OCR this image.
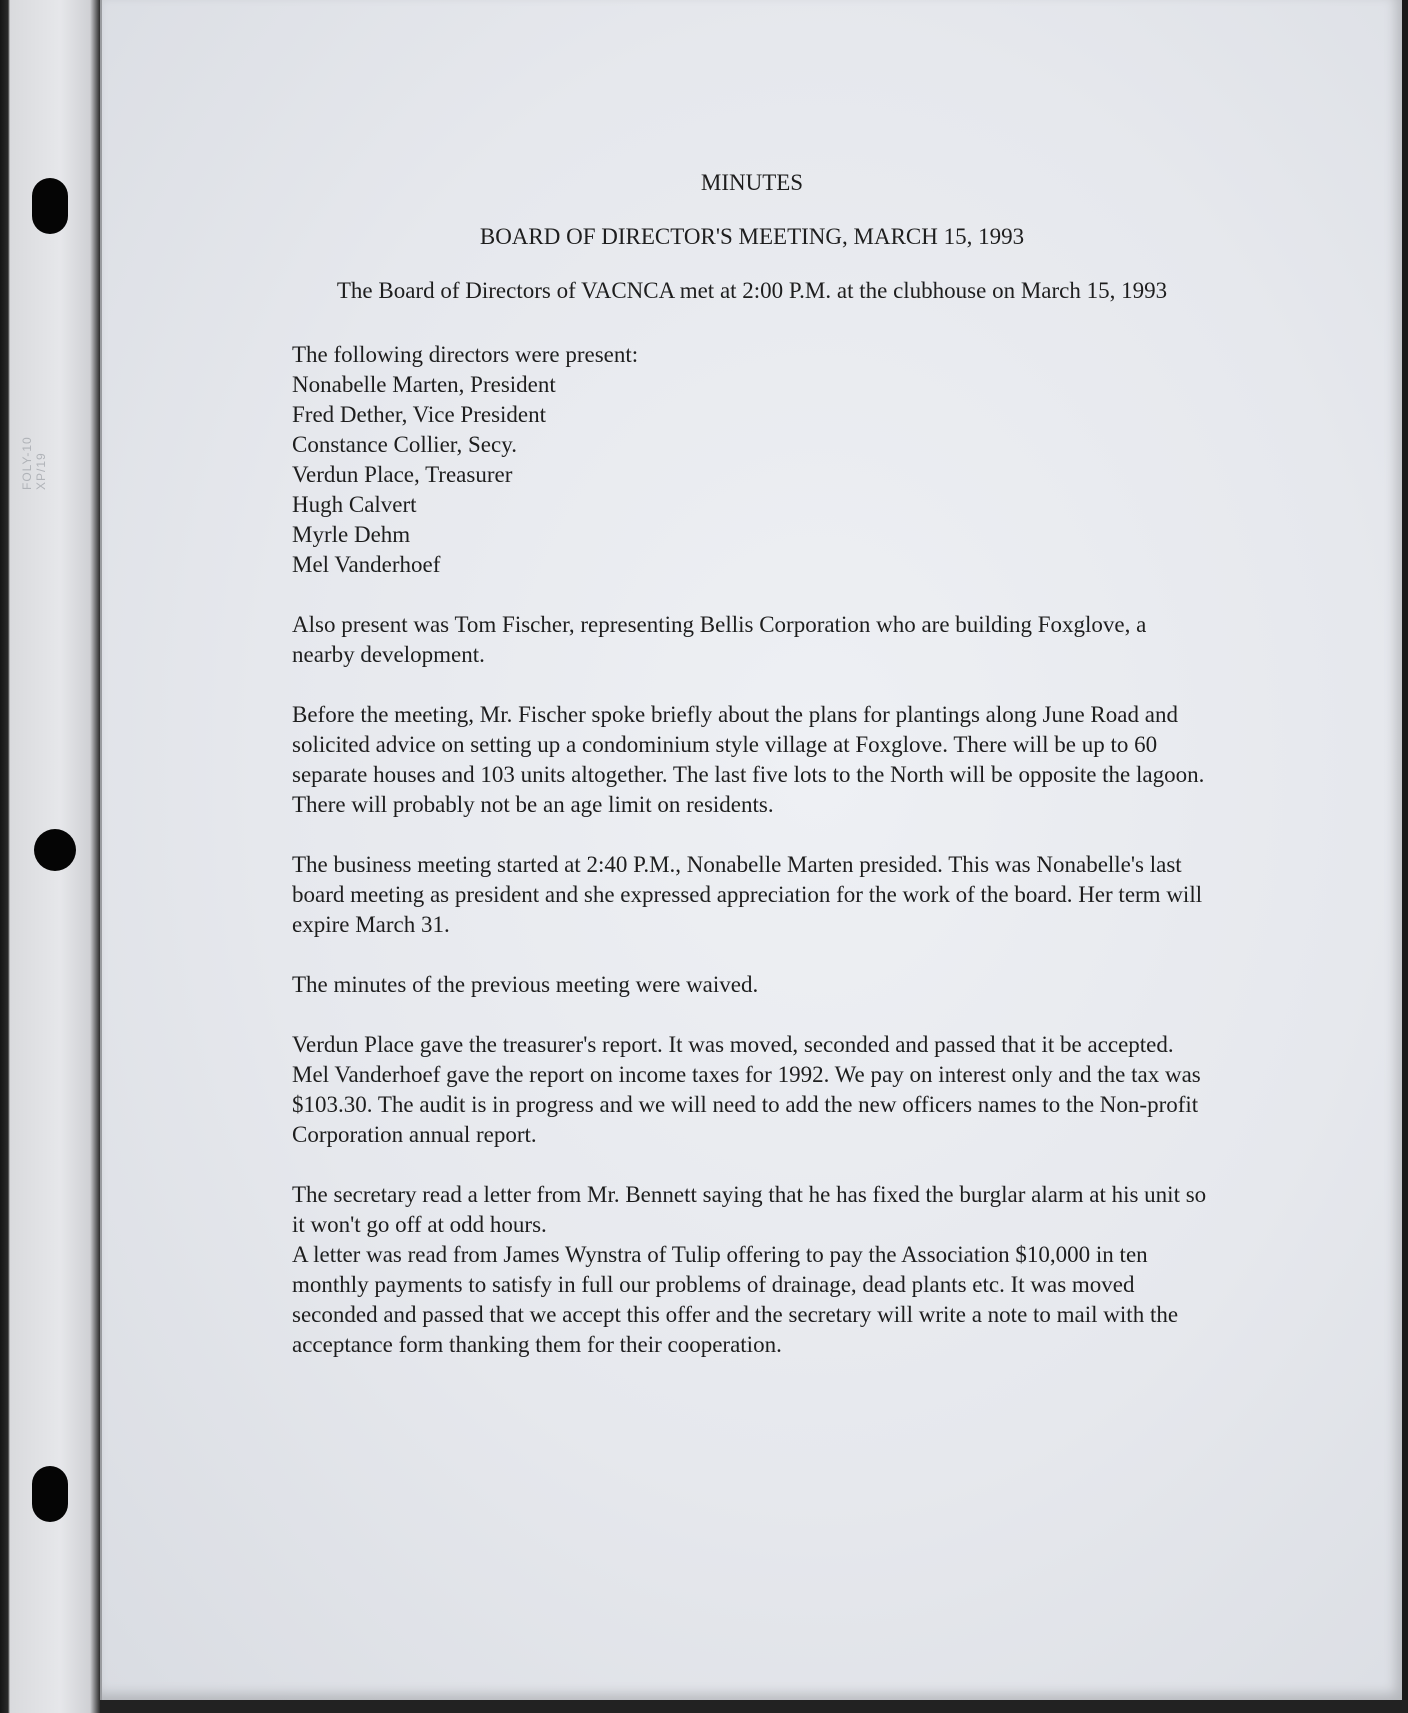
FOLY-10
XP/19
MINUTES
BOARD OF DIRECTOR'S MEETING, MARCH 15, 1993

The Board of Directors of VACNCA met at 2:00 P.M. at the clubhouse on March 15, 1993

The following directors were present:

Nonabelle Marten, President
Fred Dether, Vice President
Constance Collier, Secy.
Verdun Place, Treasurer
Hugh Calvert
Myrle Dehm
Mel Vanderhoef

Also present was Tom Fischer, representing Bellis Corporation who are building Foxglove, a nearby development.

Before the meeting, Mr. Fischer spoke briefly about the plans for plantings along June Road and solicited advice on setting up a condominium style village at Foxglove. There will be up to 60 separate houses and 103 units altogether. The last five lots to the North will be opposite the lagoon. There will probably not be an age limit on residents.

The business meeting started at 2:40 P.M., Nonabelle Marten presided. This was Nonabelle's last board meeting as president and she expressed appreciation for the work of the board. Her term will expire March 31.

The minutes of the previous meeting were waived.

Verdun Place gave the treasurer's report. It was moved, seconded and passed that it be accepted.

Mel Vanderhoef gave the report on income taxes for 1992. We pay on interest only and the tax was $103.30. The audit is in progress and we will need to add the new officers names to the Non-profit Corporation annual report.

The secretary read a letter from Mr. Bennett saying that he has fixed the burglar alarm at his unit so it won't go off at odd hours.

A letter was read from James Wynstra of Tulip offering to pay the Association $10,000 in ten monthly payments to satisfy in full our problems of drainage, dead plants etc. It was moved seconded and passed that we accept this offer and the secretary will write a note to mail with the acceptance form thanking them for their cooperation.
